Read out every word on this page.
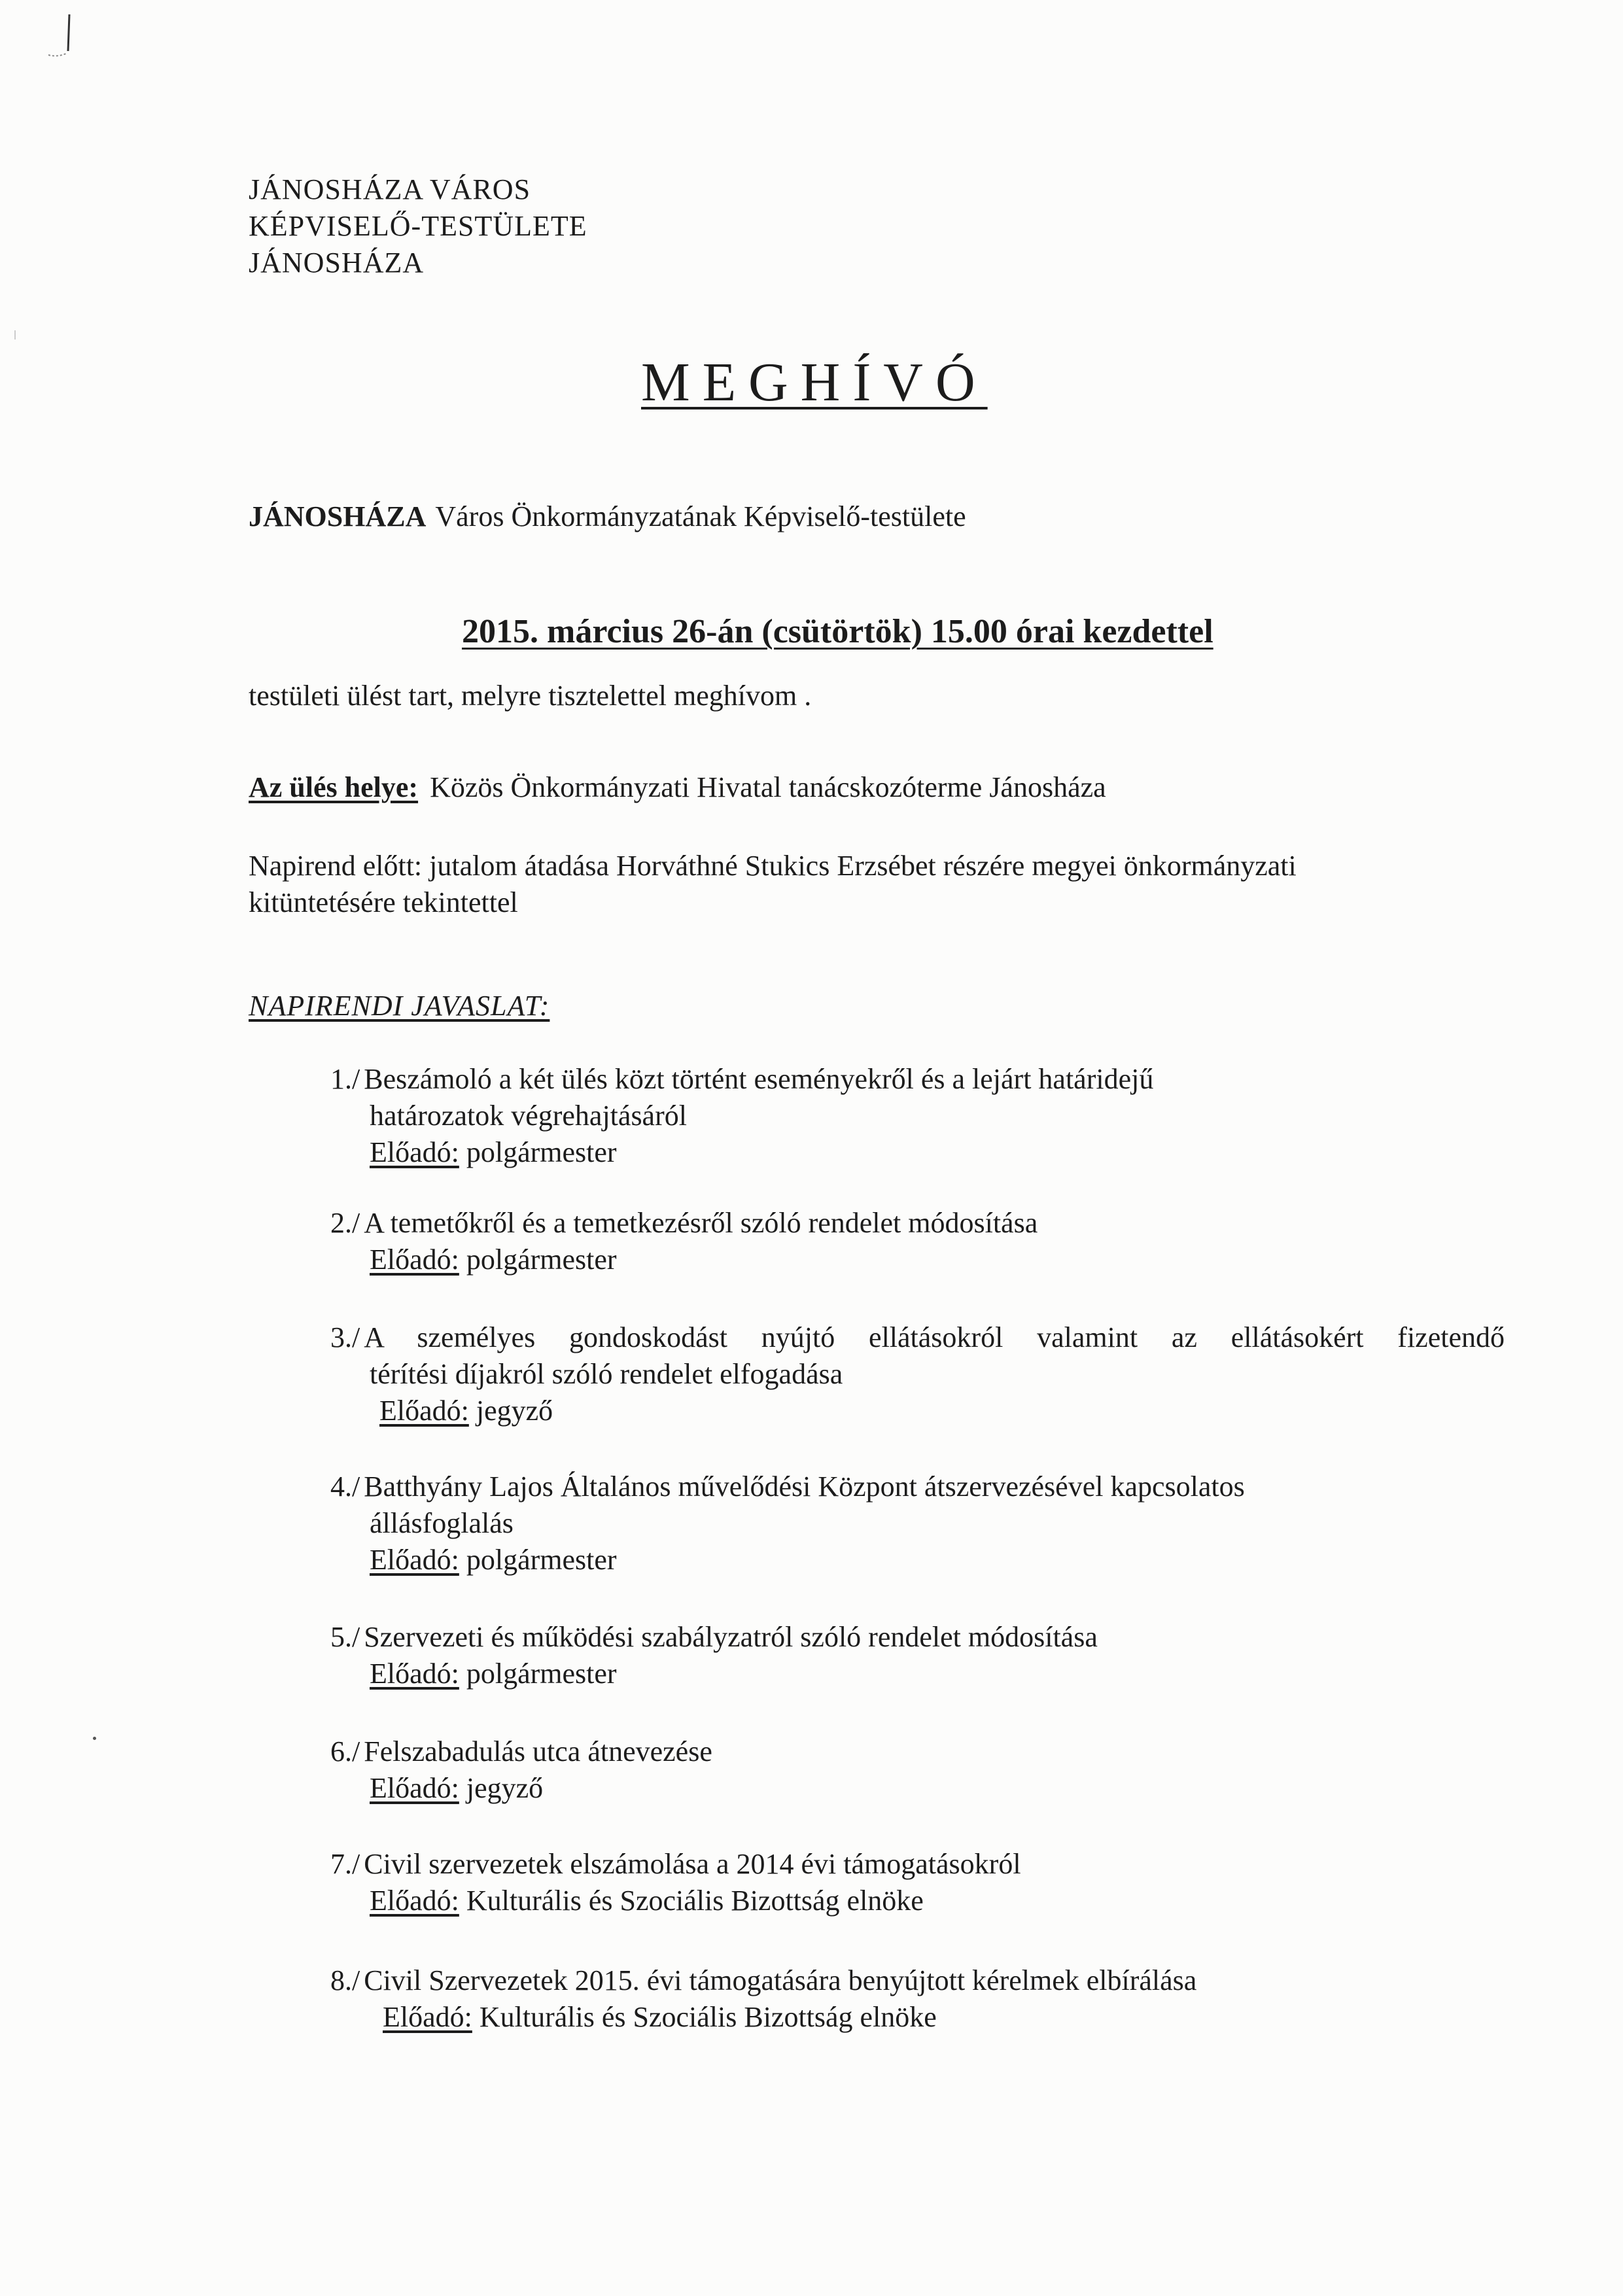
JÁNOSHÁZA VÁROS
KÉPVISELŐ-TESTÜLETE
JÁNOSHÁZA
MEGHÍVÓ
JÁNOSHÁZA Város Önkormányzatának Képviselő-testülete
2015. március 26-án (csütörtök) 15.00 órai kezdettel
testületi ülést tart, melyre tisztelettel meghívom .
Az ülés helye: Közös Önkormányzati Hivatal tanácskozóterme Jánosháza
Napirend előtt: jutalom átadása Horváthné Stukics Erzsébet részére megyei önkormányzati kitüntetésére tekintettel
NAPIRENDI JAVASLAT:
1./ Beszámoló a két ülés közt történt eseményekről és a lejárt határidejű
határozatok végrehajtásáról
Előadó: polgármester
2./ A temetőkről és a temetkezésről szóló rendelet módosítása
Előadó: polgármester
3./ A személyes gondoskodást nyújtó ellátásokról valamint az ellátásokért fizetendő
térítési díjakról szóló rendelet elfogadása
Előadó: jegyző
4./ Batthyány Lajos Általános művelődési Központ átszervezésével kapcsolatos
állásfoglalás
Előadó: polgármester
5./ Szervezeti és működési szabályzatról szóló rendelet módosítása
Előadó: polgármester
6./ Felszabadulás utca átnevezése
Előadó: jegyző
7./ Civil szervezetek elszámolása a 2014 évi támogatásokról
Előadó: Kulturális és Szociális Bizottság elnöke
8./ Civil Szervezetek 2015. évi támogatására benyújtott kérelmek elbírálása
Előadó: Kulturális és Szociális Bizottság elnöke
